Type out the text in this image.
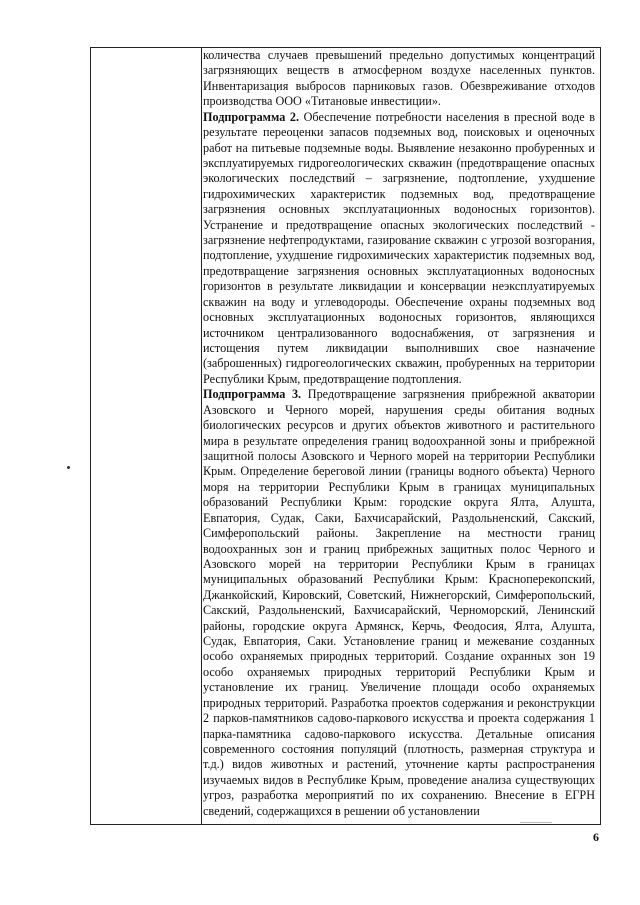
количества случаев превышений предельно допустимых концентраций загрязняющих веществ в атмосферном воздухе населенных пунктов. Инвентаризация выбросов парниковых газов. Обезвреживание отходов производства ООО «Титановые инвестиции».

Подпрограмма 2. Обеспечение потребности населения в пресной воде в результате переоценки запасов подземных вод, поисковых и оценочных работ на питьевые подземные воды. Выявление незаконно пробуренных и эксплуатируемых гидрогеологических скважин (предотвращение опасных экологических последствий – загрязнение, подтопление, ухудшение гидрохимических характеристик подземных вод, предотвращение загрязнения основных эксплуатационных водоносных горизонтов). Устранение и предотвращение опасных экологических последствий - загрязнение нефтепродуктами, газирование скважин с угрозой возгорания, подтопление, ухудшение гидрохимических характеристик подземных вод, предотвращение загрязнения основных эксплуатационных водоносных горизонтов в результате ликвидации и консервации неэксплуатируемых скважин на воду и углеводороды. Обеспечение охраны подземных вод основных эксплуатационных водоносных горизонтов, являющихся источником централизованного водоснабжения, от загрязнения и истощения путем ликвидации выполнивших свое назначение (заброшенных) гидрогеологических скважин, пробуренных на территории Республики Крым, предотвращение подтопления.

Подпрограмма 3. Предотвращение загрязнения прибрежной акватории Азовского и Черного морей, нарушения среды обитания водных биологических ресурсов и других объектов животного и растительного мира в результате определения границ водоохранной зоны и прибрежной защитной полосы Азовского и Черного морей на территории Республики Крым. Определение береговой линии (границы водного объекта) Черного моря на территории Республики Крым в границах муниципальных образований Республики Крым: городские округа Ялта, Алушта, Евпатория, Судак, Саки, Бахчисарайский, Раздольненский, Сакский, Симферопольский районы. Закрепление на местности границ водоохранных зон и границ прибрежных защитных полос Черного и Азовского морей на территории Республики Крым в границах муниципальных образований Республики Крым: Красноперекопский, Джанкойский, Кировский, Советский, Нижнегорский, Симферопольский, Сакский, Раздольненский, Бахчисарайский, Черноморский, Ленинский районы, городские округа Армянск, Керчь, Феодосия, Ялта, Алушта, Судак, Евпатория, Саки. Установление границ и межевание созданных особо охраняемых природных территорий. Создание охранных зон 19 особо охраняемых природных территорий Республики Крым и установление их границ. Увеличение площади особо охраняемых природных территорий. Разработка проектов содержания и реконструкции 2 парков-памятников садово-паркового искусства и проекта содержания 1 парка-памятника садово-паркового искусства. Детальные описания современного состояния популяций (плотность, размерная структура и т.д.) видов животных и растений, уточнение карты распространения изучаемых видов в Республике Крым, проведение анализа существующих угроз, разработка мероприятий по их сохранению. Внесение в ЕГРН сведений, содержащихся в решении об установлении

6
